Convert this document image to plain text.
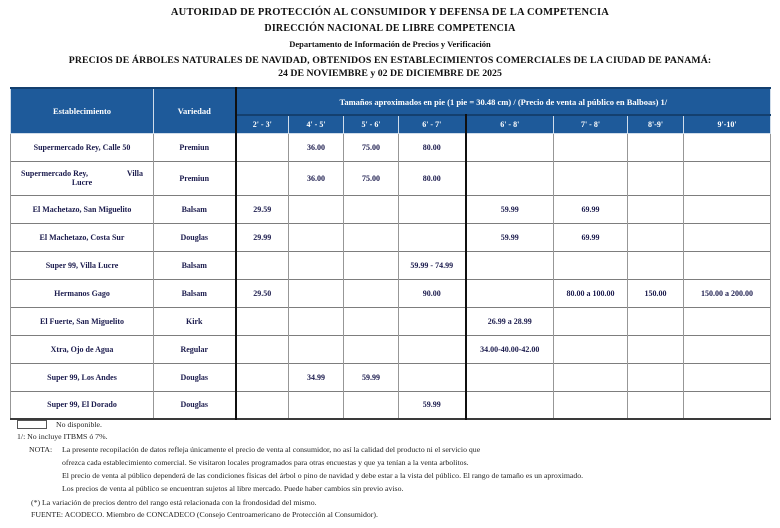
AUTORIDAD DE PROTECCIÓN AL CONSUMIDOR Y DEFENSA DE LA COMPETENCIA
DIRECCIÓN NACIONAL DE LIBRE COMPETENCIA
Departamento de Información de Precios y Verificación
PRECIOS DE ÁRBOLES NATURALES DE NAVIDAD, OBTENIDOS EN ESTABLECIMIENTOS COMERCIALES DE LA CIUDAD DE PANAMÁ:
24 DE NOVIEMBRE y 02 DE DICIEMBRE DE 2025
Establecimiento	Variedad	Tamaños aproximados en pie (1 pie = 30.48 cm) / (Precio de venta al público en Balboas) 1/							
		2' - 3'	4' - 5'	5' - 6'	6' - 7'	6' - 8'	7' - 8'	8'-9'	9'-10'
Supermercado Rey, Calle 50	Premiun		36.00	75.00	80.00				

Supermercado Rey, Villa
Lucre	Premiun		36.00	75.00	80.00				
El Machetazo, San Miguelito	Balsam	29.59				59.99	69.99		
El Machetazo, Costa Sur	Douglas	29.99				59.99	69.99		
Super 99, Villa Lucre	Balsam				59.99 - 74.99				
Hermanos Gago	Balsam	29.50			90.00		80.00 a 100.00	150.00	150.00 a 200.00
El Fuerte, San Miguelito	Kirk					26.99 a 28.99			
Xtra, Ojo de Agua	Regular					34.00-40.00-42.00			
Super 99, Los Andes	Douglas		34.99	59.99					
Super 99, El Dorado	Douglas				59.99				
No disponible.
1/: No incluye ITBMS ó 7%.
NOTA:	La presente recopilación de datos refleja únicamente el precio de venta al consumidor, no así la calidad del producto ni el servicio que
ofrezca cada establecimiento comercial. Se visitaron locales programados para otras encuestas y que ya tenían a la venta arbolitos.
El precio de venta al público dependerá de las condiciones físicas del árbol o pino de navidad y debe estar a la vista del público. El rango de tamaño es un aproximado.
Los precios de venta al público se encuentran sujetos al libre mercado. Puede haber cambios sin previo aviso.
(*) La variación de precios dentro del rango está relacionada con la frondosidad del mismo.
FUENTE: ACODECO. Miembro de CONCADECO (Consejo Centroamericano de Protección al Consumidor).
